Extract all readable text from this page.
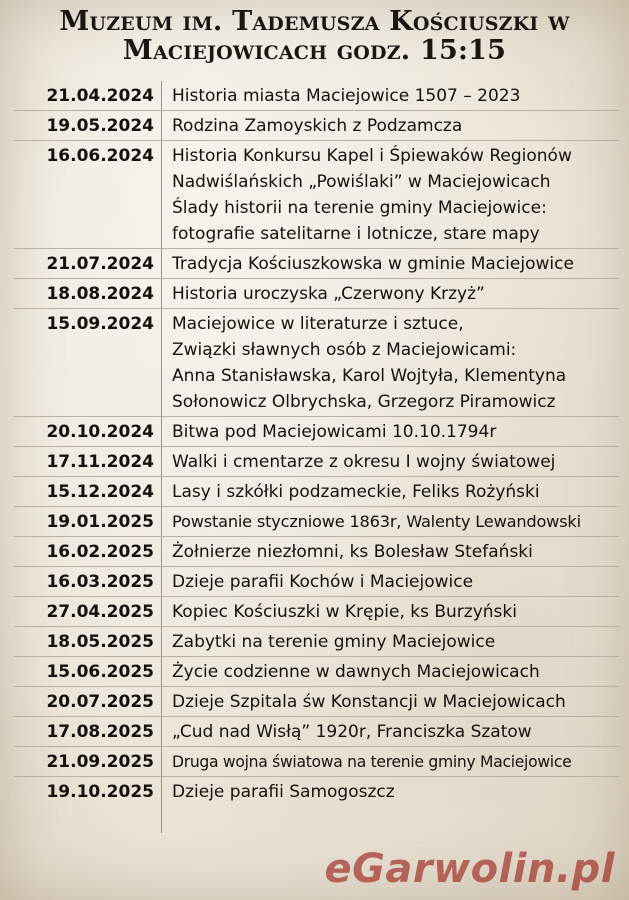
Muzeum im. Tademusza Kościuszki w
Maciejowicach godz. 15:15
21.04.2024	Historia miasta Maciejowice 1507 – 2023
19.05.2024	Rodzina Zamoyskich z Podzamcza
16.06.2024	Historia Konkursu Kapel i Śpiewaków Regionów
Nadwiślańskich „Powiślaki” w Maciejowicach
Ślady historii na terenie gminy Maciejowice:
fotografie satelitarne i lotnicze, stare mapy
21.07.2024	Tradycja Kościuszkowska w gminie Maciejowice
18.08.2024	Historia uroczyska „Czerwony Krzyż”
15.09.2024	Maciejowice w literaturze i sztuce,
Związki sławnych osób z Maciejowicami:
Anna Stanisławska, Karol Wojtyła, Klementyna
Sołonowicz Olbrychska, Grzegorz Piramowicz
20.10.2024	Bitwa pod Maciejowicami 10.10.1794r
17.11.2024	Walki i cmentarze z okresu I wojny światowej
15.12.2024	Lasy i szkółki podzameckie, Feliks Rożyński
19.01.2025	Powstanie styczniowe 1863r, Walenty Lewandowski
16.02.2025	Żołnierze niezłomni, ks Bolesław Stefański
16.03.2025	Dzieje parafii Kochów i Maciejowice
27.04.2025	Kopiec Kościuszki w Krępie, ks Burzyński
18.05.2025	Zabytki na terenie gminy Maciejowice
15.06.2025	Życie codzienne w dawnych Maciejowicach
20.07.2025	Dzieje Szpitala św Konstancji w Maciejowicach
17.08.2025	„Cud nad Wisłą” 1920r, Franciszka Szatow
21.09.2025	Druga wojna światowa na terenie gminy Maciejowice
19.10.2025	Dzieje parafii Samogoszcz
eGarwolin.pl
